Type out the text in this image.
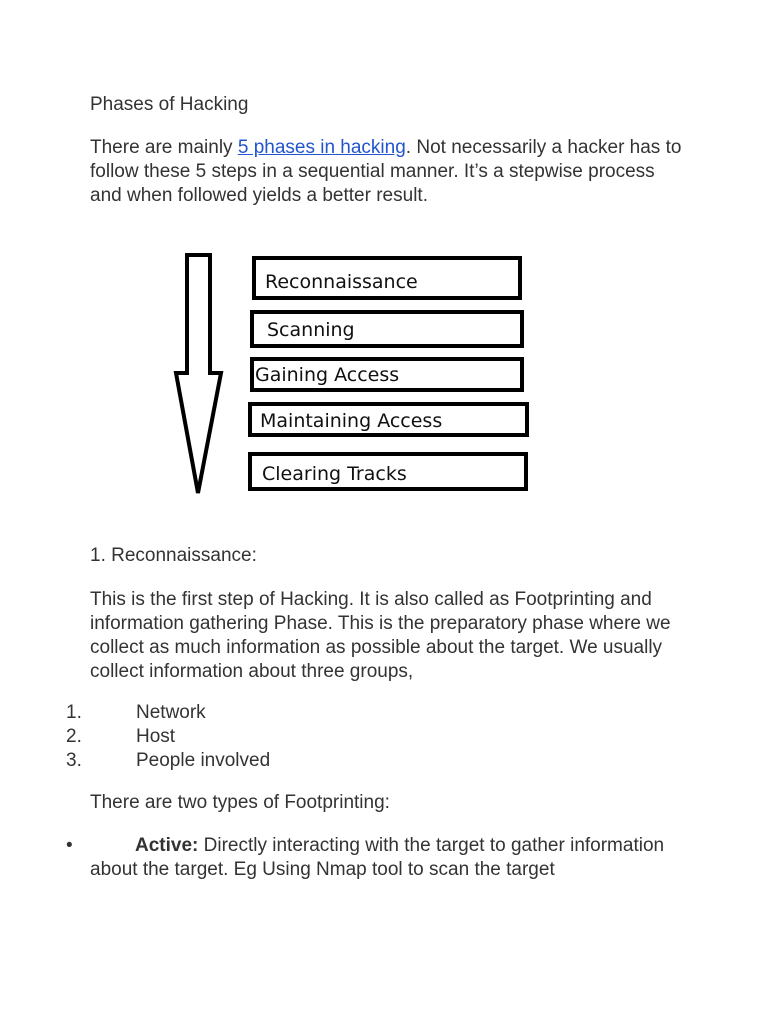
Phases of Hacking
There are mainly 5 phases in hacking. Not necessarily a hacker has to follow these 5 steps in a sequential manner. It’s a stepwise process and when followed yields a better result.
Reconnaissance
Scanning
Gaining Access
Maintaining Access
Clearing Tracks
1. Reconnaissance:
This is the first step of Hacking. It is also called as Footprinting and information gathering Phase. This is the preparatory phase where we collect as much information as possible about the target. We usually collect information about three groups,
1.	Network
2.	Host
3.	People involved
There are two types of Footprinting:
•	Active: Directly interacting with the target to gather information about the target. Eg Using Nmap tool to scan the target
